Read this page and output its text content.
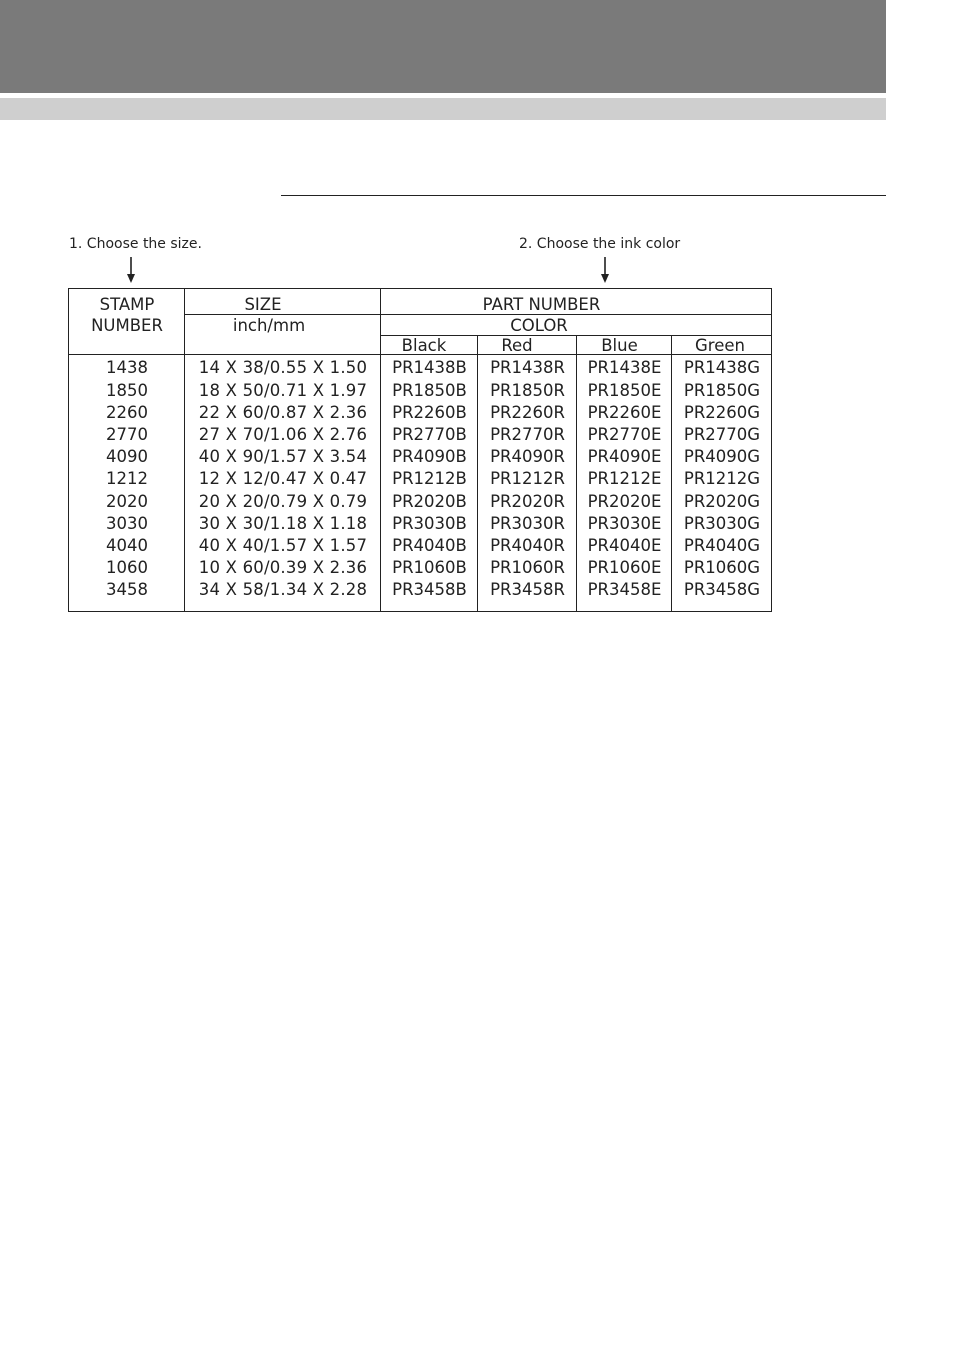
1. Choose the size.	2. Choose the ink color
STAMP
NUMBER
SIZE
inch/mm
PART NUMBER
COLOR
Black	Red	Blue	Green
1438	14 X 38/0.55 X 1.50	PR1438B	PR1438R	PR1438E	PR1438G
1850	18 X 50/0.71 X 1.97	PR1850B	PR1850R	PR1850E	PR1850G
2260	22 X 60/0.87 X 2.36	PR2260B	PR2260R	PR2260E	PR2260G
2770	27 X 70/1.06 X 2.76	PR2770B	PR2770R	PR2770E	PR2770G
4090	40 X 90/1.57 X 3.54	PR4090B	PR4090R	PR4090E	PR4090G
1212	12 X 12/0.47 X 0.47	PR1212B	PR1212R	PR1212E	PR1212G
2020	20 X 20/0.79 X 0.79	PR2020B	PR2020R	PR2020E	PR2020G
3030	30 X 30/1.18 X 1.18	PR3030B	PR3030R	PR3030E	PR3030G
4040	40 X 40/1.57 X 1.57	PR4040B	PR4040R	PR4040E	PR4040G
1060	10 X 60/0.39 X 2.36	PR1060B	PR1060R	PR1060E	PR1060G
3458	34 X 58/1.34 X 2.28	PR3458B	PR3458R	PR3458E	PR3458G
